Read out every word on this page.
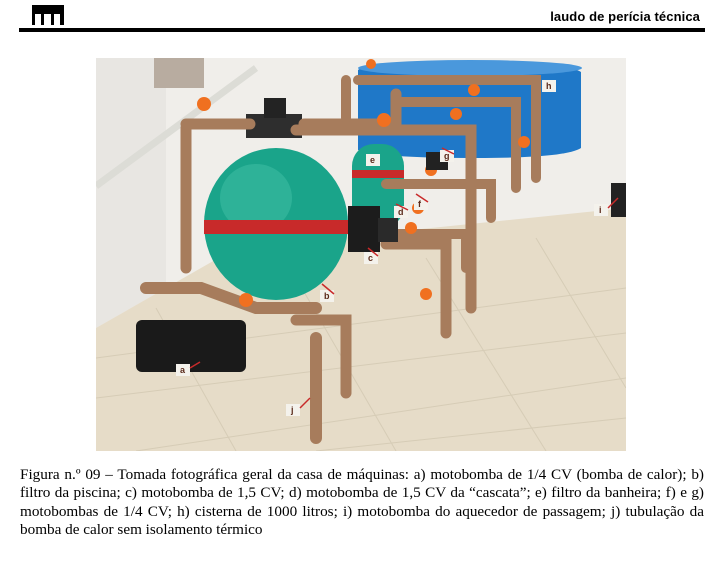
laudo de perícia técnica
a
b
c
d
e
f
g
h
i
j
Figura n.º 09 – Tomada fotográfica geral da casa de máquinas: a) motobomba de 1/4 CV (bomba de calor); b) filtro da piscina; c) motobomba de 1,5 CV; d) motobomba de 1,5 CV da “cascata”; e) filtro da banheira; f) e g) motobombas de 1/4 CV; h) cisterna de 1000 litros; i) motobomba do aquecedor de passagem; j) tubulação da bomba de calor sem isolamento térmico
